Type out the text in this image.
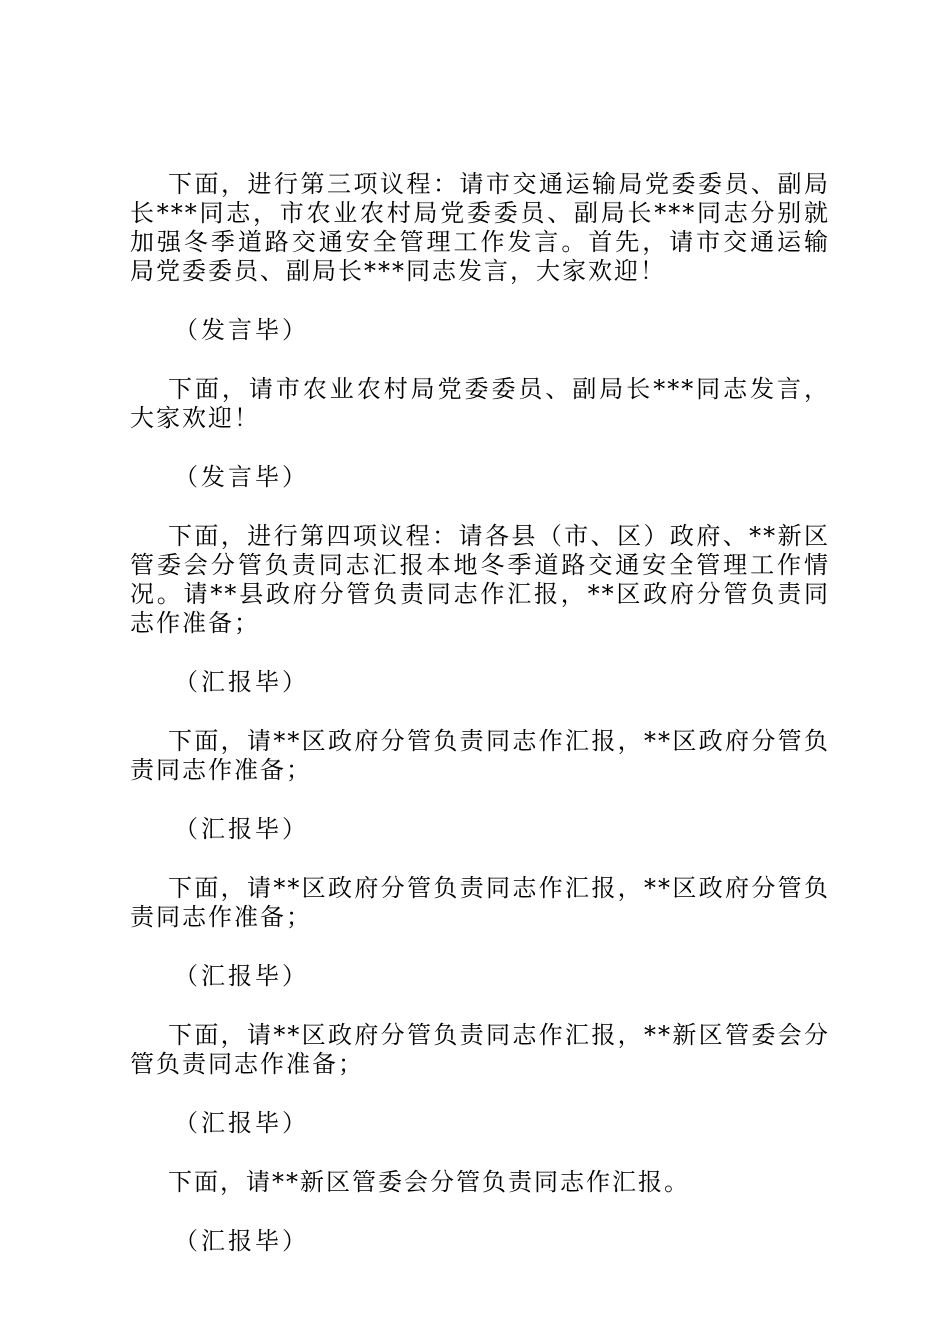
下面，进行第三项议程：请市交通运输局党委委员、副局长***同志，市农业农村局党委委员、副局长***同志分别就加强冬季道路交通安全管理工作发言。首先，请市交通运输局党委委员、副局长***同志发言，大家欢迎！

（发言毕）

下面，请市农业农村局党委委员、副局长***同志发言，大家欢迎！

（发言毕）

下面，进行第四项议程：请各县（市、区）政府、**新区管委会分管负责同志汇报本地冬季道路交通安全管理工作情况。请**县政府分管负责同志作汇报，**区政府分管负责同志作准备；

（汇报毕）

下面，请**区政府分管负责同志作汇报，**区政府分管负责同志作准备；

（汇报毕）

下面，请**区政府分管负责同志作汇报，**区政府分管负责同志作准备；

（汇报毕）

下面，请**区政府分管负责同志作汇报，**新区管委会分管负责同志作准备；

（汇报毕）

下面，请**新区管委会分管负责同志作汇报。

（汇报毕）
